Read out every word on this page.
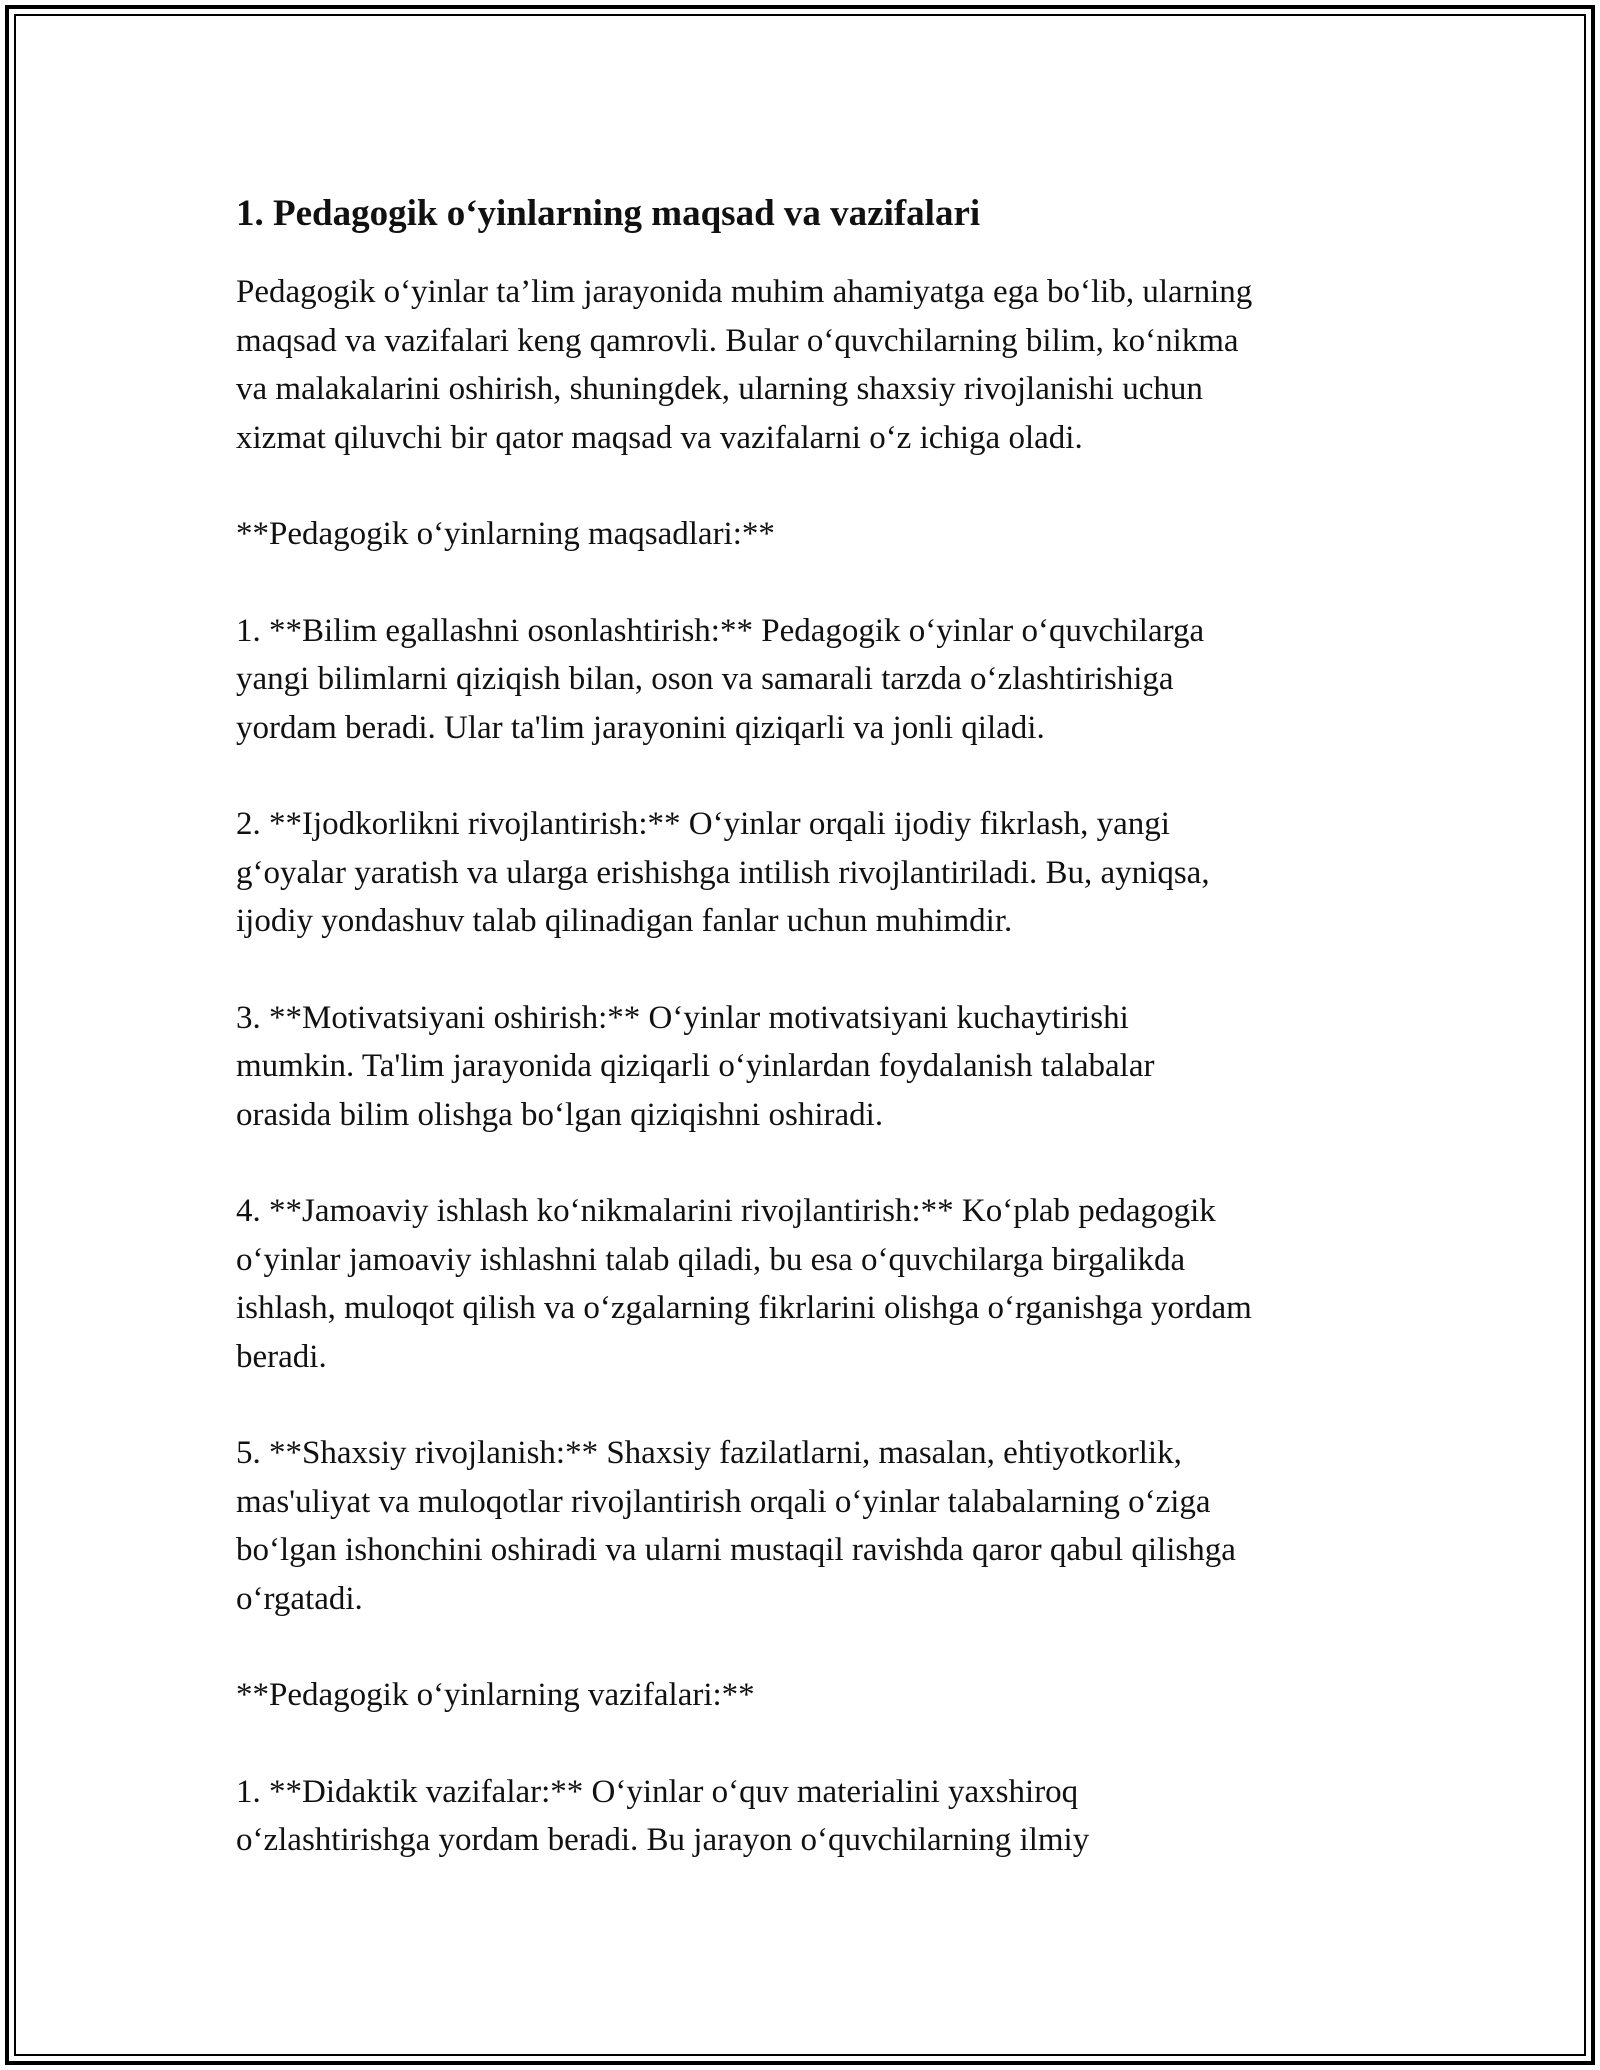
1. Pedagogik o‘yinlarning maqsad va vazifalari

Pedagogik o‘yinlar ta’lim jarayonida muhim ahamiyatga ega bo‘lib, ularning
maqsad va vazifalari keng qamrovli. Bular o‘quvchilarning bilim, ko‘nikma
va malakalarini oshirish, shuningdek, ularning shaxsiy rivojlanishi uchun
xizmat qiluvchi bir qator maqsad va vazifalarni o‘z ichiga oladi.

**Pedagogik o‘yinlarning maqsadlari:**

1. **Bilim egallashni osonlashtirish:** Pedagogik o‘yinlar o‘quvchilarga
yangi bilimlarni qiziqish bilan, oson va samarali tarzda o‘zlashtirishiga
yordam beradi. Ular ta'lim jarayonini qiziqarli va jonli qiladi.

2. **Ijodkorlikni rivojlantirish:** O‘yinlar orqali ijodiy fikrlash, yangi
g‘oyalar yaratish va ularga erishishga intilish rivojlantiriladi. Bu, ayniqsa,
ijodiy yondashuv talab qilinadigan fanlar uchun muhimdir.

3. **Motivatsiyani oshirish:** O‘yinlar motivatsiyani kuchaytirishi
mumkin. Ta'lim jarayonida qiziqarli o‘yinlardan foydalanish talabalar
orasida bilim olishga bo‘lgan qiziqishni oshiradi.

4. **Jamoaviy ishlash ko‘nikmalarini rivojlantirish:** Ko‘plab pedagogik
o‘yinlar jamoaviy ishlashni talab qiladi, bu esa o‘quvchilarga birgalikda
ishlash, muloqot qilish va o‘zgalarning fikrlarini olishga o‘rganishga yordam
beradi.

5. **Shaxsiy rivojlanish:** Shaxsiy fazilatlarni, masalan, ehtiyotkorlik,
mas'uliyat va muloqotlar rivojlantirish orqali o‘yinlar talabalarning o‘ziga
bo‘lgan ishonchini oshiradi va ularni mustaqil ravishda qaror qabul qilishga
o‘rgatadi.

**Pedagogik o‘yinlarning vazifalari:**

1. **Didaktik vazifalar:** O‘yinlar o‘quv materialini yaxshiroq
o‘zlashtirishga yordam beradi. Bu jarayon o‘quvchilarning ilmiy
